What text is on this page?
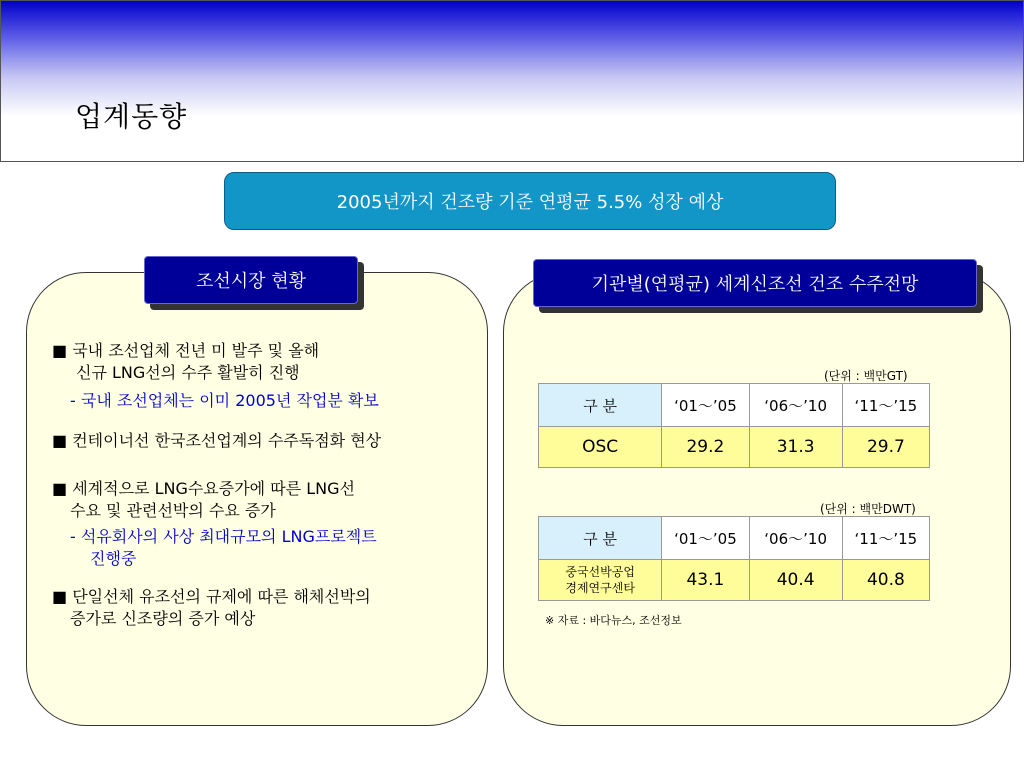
업계동향
2005년까지 건조량 기준 연평균 5.5% 성장 예상
조선시장 현황	기관별(연평균) 세계신조선 건조 수주전망

■ 국내 조선업체 전년 미 발주 및 올해

신규 LNG선의 수주 활발히 진행

- 국내 조선업체는 이미 2005년 작업분 확보

■ 컨테이너선 한국조선업계의 수주독점화 현상

■ 세계적으로 LNG수요증가에 따른 LNG선

수요 및 관련선박의 수요 증가

- 석유회사의 사상 최대규모의 LNG프로젝트

진행중

■ 단일선체 유조선의 규제에 따른 해체선박의

증가로 신조량의 증가 예상

(단위 : 백만GT)
구 분	‘01～’05	‘06～’10	‘11～’15
OSC	29.2	31.3	29.7
(단위 : 백만DWT)
구 분	‘01～’05	‘06～’10	‘11～’15

중국선박공업
경제연구센타	43.1	40.4	40.8
※ 자료 : 바다뉴스, 조선정보
